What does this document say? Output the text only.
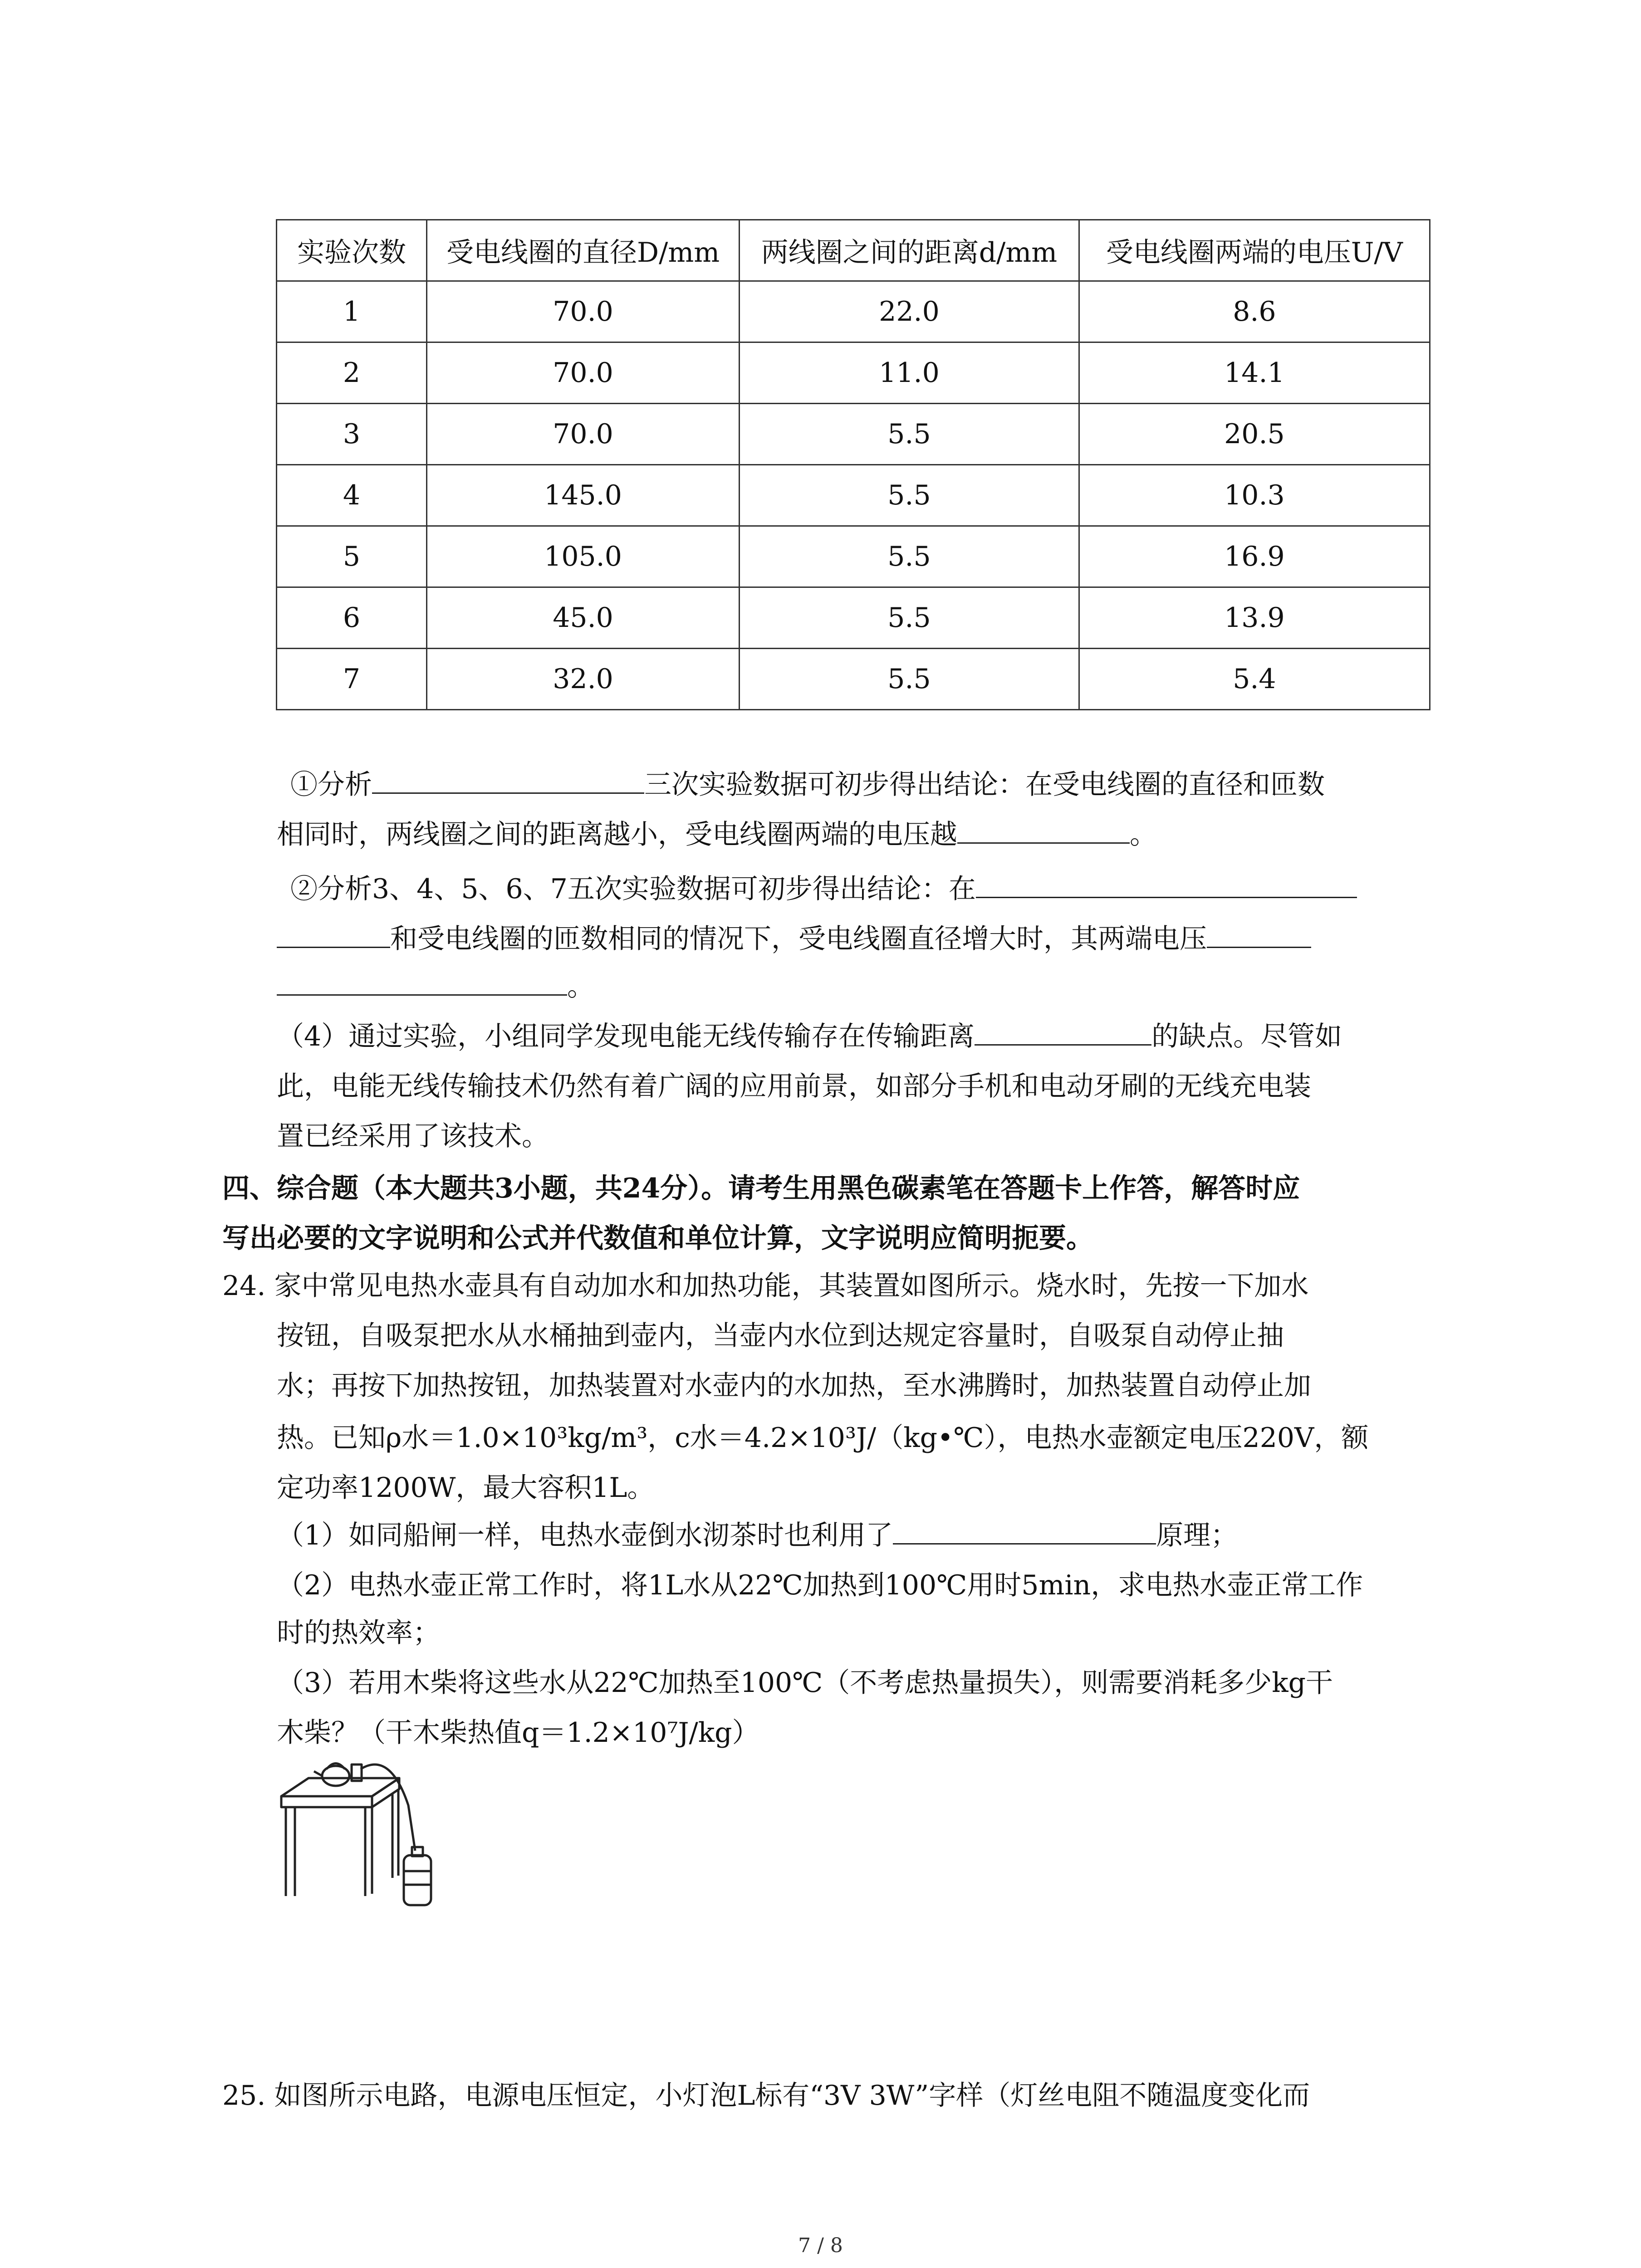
实验次数	受电线圈的直径D/mm	两线圈之间的距离d/mm	受电线圈两端的电压U/V
1	70.0	22.0	8.6
2	70.0	11.0	14.1
3	70.0	5.5	20.5
4	145.0	5.5	10.3
5	105.0	5.5	16.9
6	45.0	5.5	13.9
7	32.0	5.5	5.4
①分析	三次实验数据可初步得出结论：在受电线圈的直径和匝数
相同时，两线圈之间的距离越小，受电线圈两端的电压越	。
②分析3、4、5、6、7五次实验数据可初步得出结论：在
和受电线圈的匝数相同的情况下，受电线圈直径增大时，其两端电压
。
（4）通过实验，小组同学发现电能无线传输存在传输距离	的缺点。尽管如
此，电能无线传输技术仍然有着广阔的应用前景，如部分手机和电动牙刷的无线充电装
置已经采用了该技术。
四、综合题（本大题共3小题，共24分）。请考生用黑色碳素笔在答题卡上作答，解答时应
写出必要的文字说明和公式并代数值和单位计算，文字说明应简明扼要。
24. 家中常见电热水壶具有自动加水和加热功能，其装置如图所示。烧水时，先按一下加水
按钮，自吸泵把水从水桶抽到壶内，当壶内水位到达规定容量时，自吸泵自动停止抽
水；再按下加热按钮，加热装置对水壶内的水加热，至水沸腾时，加热装置自动停止加
热。已知ρ水＝1.0×10³kg/m³，c水＝4.2×10³J/（kg•℃），电热水壶额定电压220V，额
定功率1200W，最大容积1L。
（1）如同船闸一样，电热水壶倒水沏茶时也利用了	原理；
（2）电热水壶正常工作时，将1L水从22℃加热到100℃用时5min，求电热水壶正常工作
时的热效率；
（3）若用木柴将这些水从22℃加热至100℃（不考虑热量损失），则需要消耗多少kg干
木柴？（干木柴热值q＝1.2×10⁷J/kg）
25. 如图所示电路，电源电压恒定，小灯泡L标有“3V 3W”字样（灯丝电阻不随温度变化而
7 / 8
